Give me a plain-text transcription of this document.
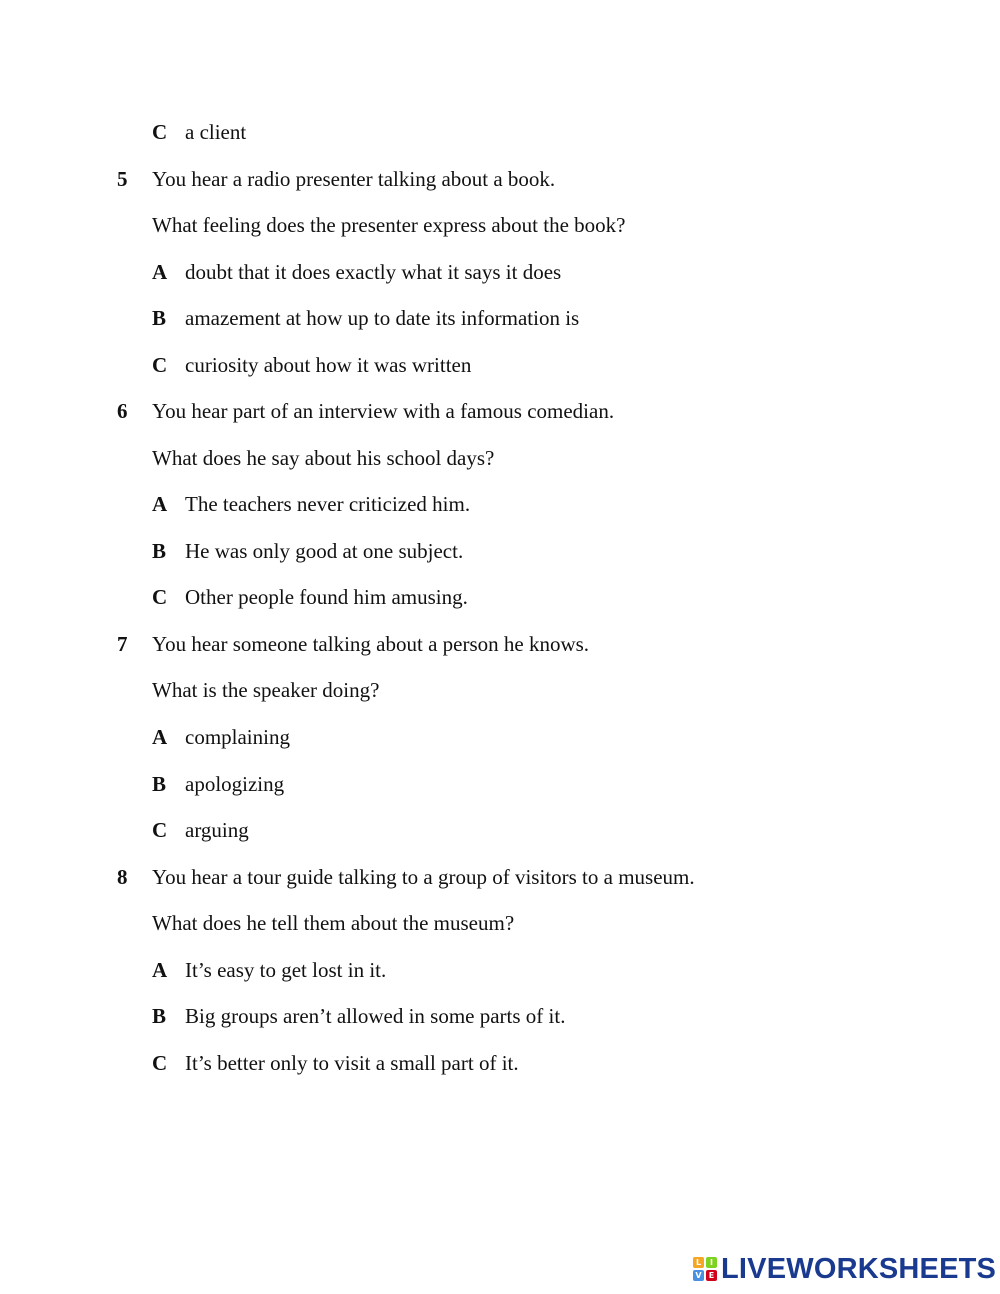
C a client
5 You hear a radio presenter talking about a book.
What feeling does the presenter express about the book?
A doubt that it does exactly what it says it does
B amazement at how up to date its information is
C curiosity about how it was written
6 You hear part of an interview with a famous comedian.
What does he say about his school days?
A The teachers never criticized him.
B He was only good at one subject.
C Other people found him amusing.
7 You hear someone talking about a person he knows.
What is the speaker doing?
A complaining
B apologizing
C arguing
8 You hear a tour guide talking to a group of visitors to a museum.
What does he tell them about the museum?
A It’s easy to get lost in it.
B Big groups aren’t allowed in some parts of it.
C It’s better only to visit a small part of it.
L	I
V E LIVEWORKSHEETS
